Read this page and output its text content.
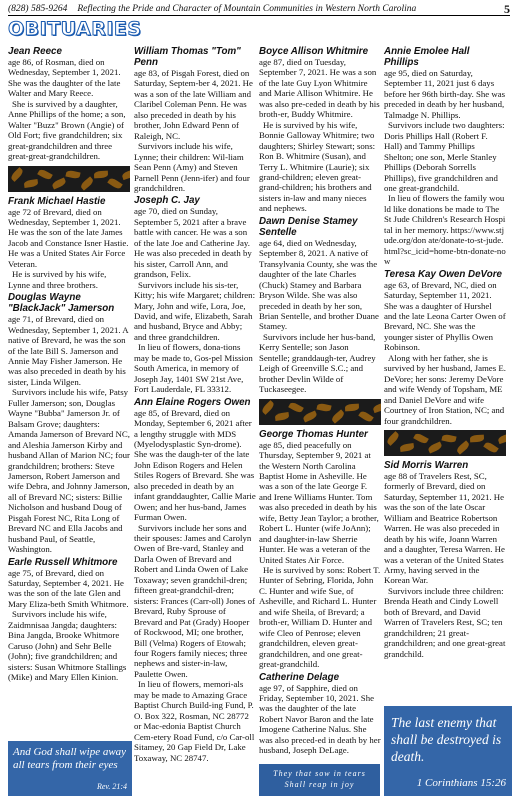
(828) 585-9264 Reflecting the Pride and Character of Mountain Communities in Western North Carolina	5
OBITUARIES
Jean Reece

age 86, of Rosman, died on Wednesday, September 1, 2021. She was the daughter of the late Walter and Mary Reece.

She is survived by a daughter, Anne Phillips of the home; a son, Walter "Buzz" Brown (Angie) of Old Fort; five grandchildren; six great-grandchildren and three great-great-grandchildren.

Frank Michael Hastie

age 72 of Brevard, died on Wednesday, September 1, 2021. He was the son of the late James Jacob and Constance Isner Hastie. He was a United States Air Force Veteran.

He is survived by his wife, Lynne and three brothers.

Douglas Wayne "BlackJack" Jamerson

age 71, of Brevard, died on Wednesday, September 1, 2021. A native of Brevard, he was the son of the late Bill S. Jamerson and Annie May Fisher Jamerson. He was also preceded in death by his sister, Linda Wilgen.

Survivors include his wife, Patsy Fuller Jamerson; son, Douglas Wayne "Bubba" Jamerson Jr. of Balsam Grove; daughters: Amanda Jamerson of Brevard NC, and Aleshia Jamerson Kirby and husband Allan of Marion NC; four grandchildren; brothers: Steve Jamerson, Robert Jamerson and wife Debra, and Johnny Jamerson, all of Brevard NC; sisters: Billie Nicholson and husband Doug of Pisgah Forest NC, Rita Long of Brevard NC and Ella Jacobs and husband Paul, of Seattle, Washington.

Earle Russell Whitmore

age 75, of Brevard, died on Saturday, September 4, 2021. He was the son of the late Glen and Mary Eliza-beth Smith Whitmore.

Survivors include his wife, Zaidmnisaa Jangda; daughters: Bina Jangda, Brooke Whitmore Caruso (John) and Sehr Belle (John); five grandchildren; and sisters: Susan Whitmore Stallings (Mike) and Mary Ellen Kinion.

William Thomas "Tom" Penn

age 83, of Pisgah Forest, died on Saturday, Septem-ber 4, 2021. He was a son of the late William and Claribel Coleman Penn. He was also preceded in death by his brother, John Edward Penn of Raleigh, NC.

Survivors include his wife, Lynne; their children: Wil-liam Sean Penn (Amy) and Steven Parnell Penn (Jenn-ifer) and four grandchildren.

Joseph C. Jay

age 70, died on Sunday, September 5, 2021 after a brave battle with cancer. He was a son of the late Joe and Catherine Jay. He was also preceded in death by his sister, Carroll Ann, and grandson, Felix.

Survivors include his sis-ter, Kitty; his wife Margaret; children: Mary, John and wife, Lora, Joe, David, and wife, Elizabeth, Sarah and husband, Bryce and Abby; and three grandchildren.

In lieu of flowers, dona-tions may be made to, Gos-pel Mission South America, in memory of Joseph Jay, 1401 SW 21st Ave, Fort Lauderdale, FL 33312.

Ann Elaine Rogers Owen

age 85, of Brevard, died on Monday, September 6, 2021 after a lengthy struggle with MDS (Myelodysplastic Syn-drome). She was the daugh-ter of the late John Edison Rogers and Helen Stiles Rogers of Brevard. She was also preceded in death by an infant granddaughter, Callie Marie Owen; and her hus-band, James Furman Owen.

Survivors include her sons and their spouses: James and Carolyn Owen of Bre-vard, Stanley and Darla Owen of Brevard and Robert and Linda Owen of Lake Toxaway; seven grandchil-dren; fifteen great-grandchil-dren; sisters: Frances (Carr-oll) Jones of Brevard, Ruby Sprouse of Brevard and Pat (Grady) Hooper of Rockwood, MI; one brother, Bill (Velma) Rogers of Etowah; four Rogers family nieces; three nephews and sister-in-law, Paulette Owen.

In lieu of flowers, memori-als may be made to Amazing Grace Baptist Church Build-ing Fund, P. O. Box 322, Rosman, NC 28772 or Mac-edonia Baptist Church Cem-etery Road Fund, c/o Car-oll Sitamey, 20 Gap Field Dr, Lake Toxaway, NC 28747.

Boyce Allison Whitmire

age 87, died on Tuesday, September 7, 2021. He was a son of the late Guy Lyon Whitmire and Marie Allison Whitmire. He was also pre-ceded in death by his broth-er, Buddy Whitmire.

He is survived by his wife, Bonnie Galloway Whitmire; two daughters; Shirley Stewart; sons: Ron B. Whitmire (Susan), and Terry L. Whitmire (Laurie); six grand-children; eleven great-grand-children; his brothers and sisters in-law and many nieces and nephews.

Dawn Denise Stamey Sentelle

age 64, died on Wednesday, September 8, 2021. A native of Transylvania County, she was the daughter of the late Charles (Chuck) Stamey and Barbara Bryson Wilde. She was also preceded in death by her son, Brian Sentelle, and brother Duane Stamey.

Survivors include her hus-band, Kerry Sentelle; son Jason Sentelle; granddaugh-ter, Audrey Leigh of Greenville S.C.; and brother Devlin Wilde of Tuckaseegee.

George Thomas Hunter

age 85, died peacefully on Thursday, September 9, 2021 at the Western North Carolina Baptist Home in Asheville. He was a son of the late George F. and Irene Williams Hunter. Tom was also preceded in death by his wife, Betty Jean Taylor; a brother, Robert L. Hunter (wife JoAnn); and daughter-in-law Sherrie Hunter. He was a veteran of the United States Air Force.

He is survived by sons: Robert T. Hunter of Sebring, Florida, John C. Hunter and wife Sue, of Asheville, and Richard L. Hunter and wife Sheila, of Brevard; a broth-er, William D. Hunter and wife Cleo of Penrose; eleven grandchildren, eleven great-grandchildren, and one great-great-grandchild.

Catherine Delage

age 97, of Sapphire, died on Friday, September 10, 2021. She was the daughter of the late Robert Navor Baron and the late Imogene Catherine Nalus. She was also preced-ed in death by her husband, Joseph DeLage.

Annie Emolee Hall Phillips

age 95, died on Saturday, September 11, 2021 just 6 days before her 96th birth-day. She was preceded in death by her husband, Talmadge N. Phillips.

Survivors include two daughters: Doris Phillips Hall (Robert F. Hall) and Tammy Phillips Shelton; one son, Merle Stanley Phillips (Deborah Sorrells Phillips), five grandchildren and one great-grandchild.

In lieu of flowers the family would like donations be made to The St Jude Children's Research Hospital in her memory. https://www.stjude.org/don ate/donate-to-st-jude.html?sc_icid=home-btn-donate-now

Teresa Kay Owen DeVore

age 63, of Brevard, NC, died on Saturday, September 11, 2021. She was a daughter of Hurshel and the late Leona Carter Owen of Brevard, NC. She was the younger sister of Phyllis Owen Robinson.

Along with her father, she is survived by her husband, James E. DeVore; her sons: Jeremy DeVore and wife Wendy of Topsham, ME and Daniel DeVore and wife Courtney of Iron Station, NC; and four grandchildren.

Sid Morris Warren

age 88 of Travelers Rest, SC, formerly of Brevard, died on Saturday, September 11, 2021. He was the son of the late Oscar William and Beatrice Robertson Warren. He was also preceded in death by his wife, Joann Warren and a daughter, Teresa Warren. He was a veteran of the United States Army, having served in the Korean War.

Survivors include three children: Brenda Heath and Cindy Lowell both of Brevard, and David Warren of Travelers Rest, SC; ten grandchildren; 21 great-grandchildren; and one great-great grandchild.

And God shall wipe away all tears from their eyes
Rev. 21:4
They that sow in tears Shall reap in joy
The last enemy that shall be destroyed is death.
1 Corinthians 15:26
